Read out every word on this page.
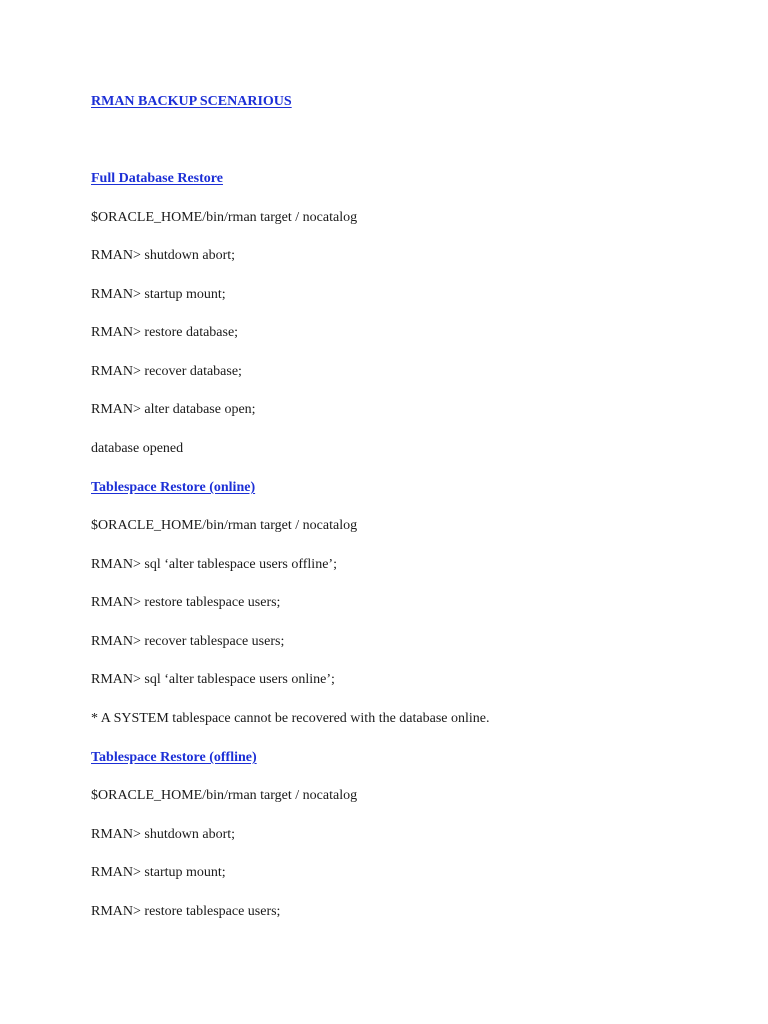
RMAN BACKUP SCENARIOUS
Full Database Restore
$ORACLE_HOME/bin/rman target / nocatalog
RMAN> shutdown abort;
RMAN> startup mount;
RMAN> restore database;
RMAN> recover database;
RMAN> alter database open;
database opened
Tablespace Restore (online)
$ORACLE_HOME/bin/rman target / nocatalog
RMAN> sql ‘alter tablespace users offline’;
RMAN> restore tablespace users;
RMAN> recover tablespace users;
RMAN> sql ‘alter tablespace users online’;
* A SYSTEM tablespace cannot be recovered with the database online.
Tablespace Restore (offline)
$ORACLE_HOME/bin/rman target / nocatalog
RMAN> shutdown abort;
RMAN> startup mount;
RMAN> restore tablespace users;
